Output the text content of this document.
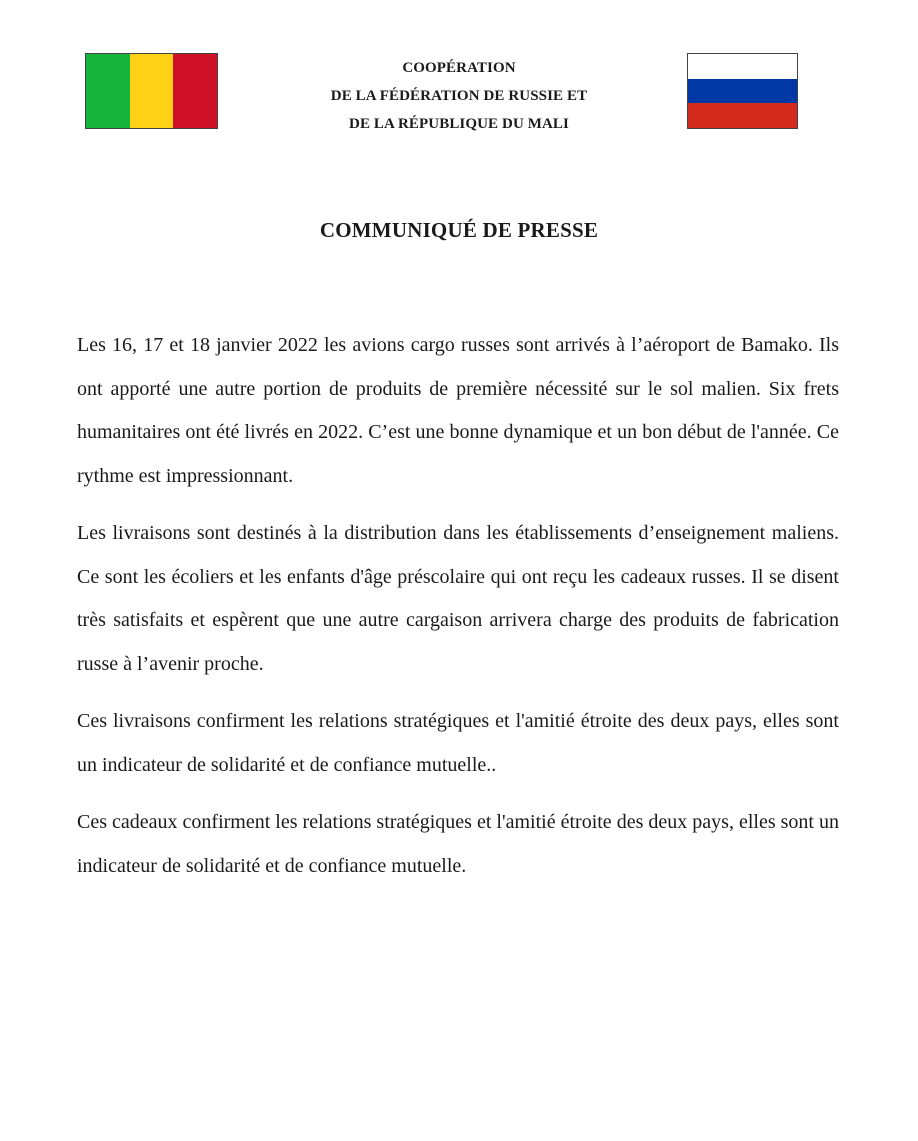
COOPÉRATION
DE LA FÉDÉRATION DE RUSSIE ET
DE LA RÉPUBLIQUE DU MALI
COMMUNIQUÉ DE PRESSE

Les 16, 17 et 18 janvier 2022 les avions cargo russes sont arrivés à l’aéroport de Bamako. Ils ont apporté une autre portion de produits de première nécessité sur le sol malien. Six frets humanitaires ont été livrés en 2022. C’est une bonne dynamique et un bon début de l'année. Ce rythme est impressionnant.

Les livraisons sont destinés à la distribution dans les établissements d’enseignement maliens. Ce sont les écoliers et les enfants d'âge préscolaire qui ont reçu les cadeaux russes. Il se disent très satisfaits et espèrent que une autre cargaison arrivera charge des produits de fabrication russe à l’avenir proche.

Ces livraisons confirment les relations stratégiques et l'amitié étroite des deux pays, elles sont un indicateur de solidarité et de confiance mutuelle..

Ces cadeaux confirment les relations stratégiques et l'amitié étroite des deux pays, elles sont un indicateur de solidarité et de confiance mutuelle.
